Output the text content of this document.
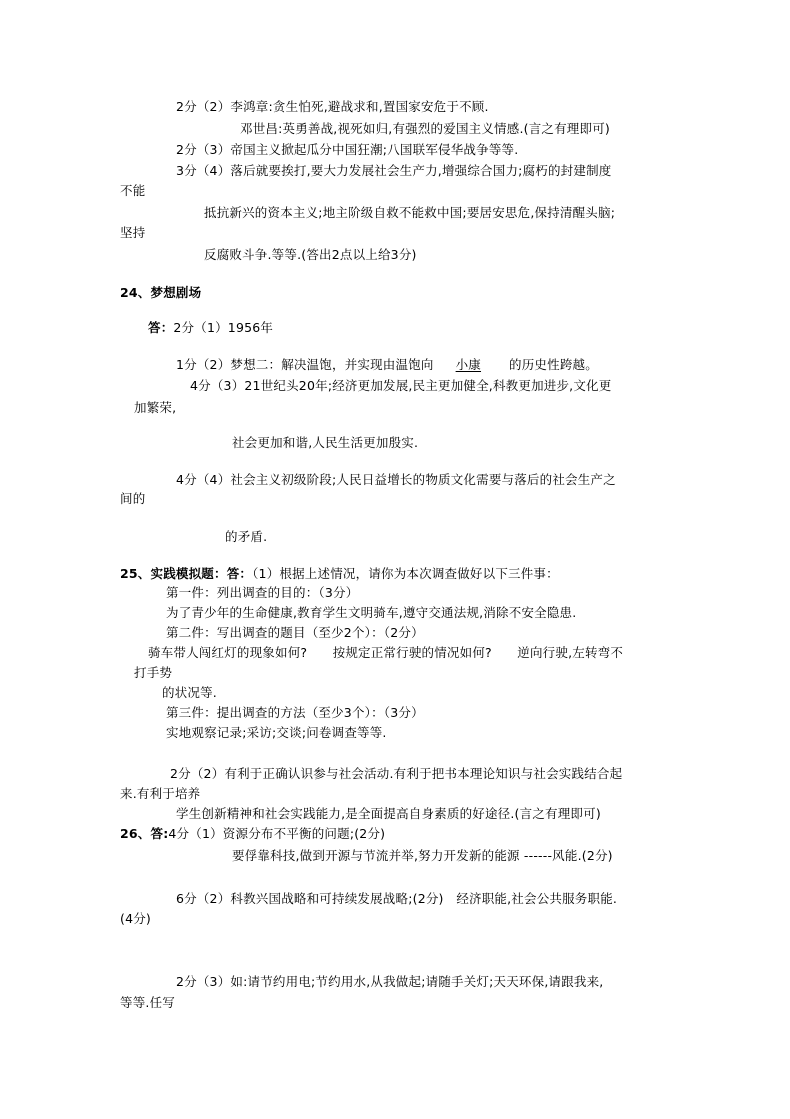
2分（2）李鸿章:贪生怕死,避战求和,置国家安危于不顾.
邓世昌:英勇善战,视死如归,有强烈的爱国主义情感.(言之有理即可)
2分（3）帝国主义掀起瓜分中国狂潮;八国联军侵华战争等等.
3分（4）落后就要挨打,要大力发展社会生产力,增强综合国力;腐朽的封建制度
不能
抵抗新兴的资本主义;地主阶级自救不能救中国;要居安思危,保持清醒头脑;
坚持
反腐败斗争.等等.(答出2点以上给3分)
24、梦想剧场
答：2分（1）1956年
1分（2）梦想二：解决温饱，并实现由温饱向 小康 的历史性跨越。
4分（3）21世纪头20年;经济更加发展,民主更加健全,科教更加进步,文化更
加繁荣,
社会更加和谐,人民生活更加殷实.
4分（4）社会主义初级阶段;人民日益增长的物质文化需要与落后的社会生产之
间的
的矛盾.
25、实践模拟题：答：（1）根据上述情况，请你为本次调查做好以下三件事：
第一件：列出调查的目的：（3分）
为了青少年的生命健康,教育学生文明骑车,遵守交通法规,消除不安全隐患.
第二件：写出调查的题目（至少2个）：（2分）
骑车带人闯红灯的现象如何?　　按规定正常行驶的情况如何?　　逆向行驶,左转弯不
打手势
的状况等.
第三件：提出调查的方法（至少3个）：（3分）
实地观察记录;采访;交谈;问卷调查等等.
2分（2）有利于正确认识参与社会活动.有利于把书本理论知识与社会实践结合起
来.有利于培养
学生创新精神和社会实践能力,是全面提高自身素质的好途径.(言之有理即可)
26、答:4分（1）资源分布不平衡的问题;(2分)
要俘靠科技,做到开源与节流并举,努力开发新的能源 ------风能.(2分)
6分（2）科教兴国战略和可持续发展战略;(2分)　经济职能,社会公共服务职能.
(4分)
2分（3）如:请节约用电;节约用水,从我做起;请随手关灯;天天环保,请跟我来,
等等.任写
